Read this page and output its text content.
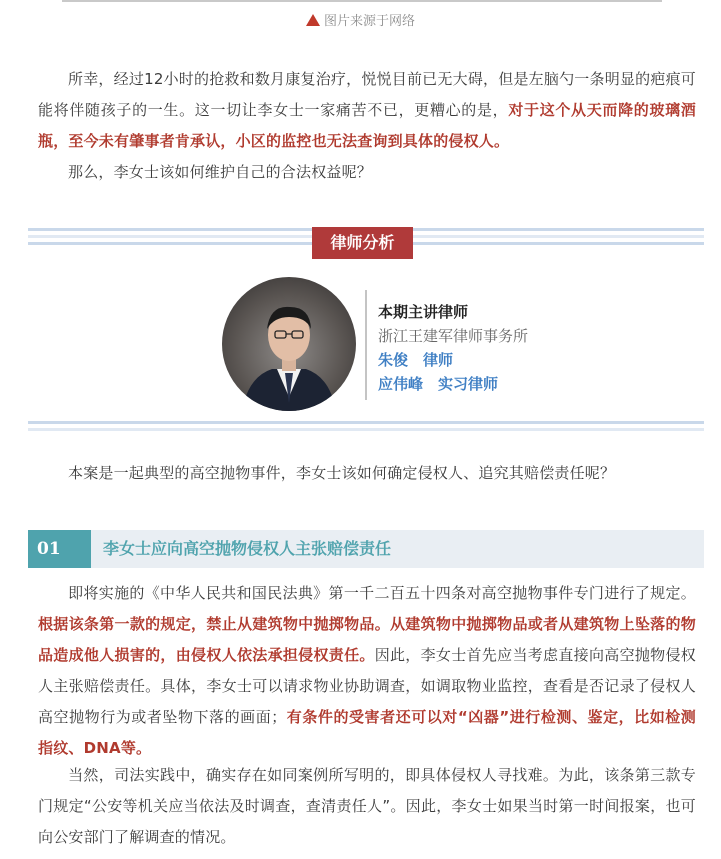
图片来源于网络
所幸，经过12小时的抢救和数月康复治疗，悦悦目前已无大碍，但是左脑勺一条明显的疤痕可能将伴随孩子的一生。这一切让李女士一家痛苦不已，更糟心的是，对于这个从天而降的玻璃酒瓶，至今未有肇事者肯承认，小区的监控也无法查询到具体的侵权人。
那么，李女士该如何维护自己的合法权益呢？
律师分析
本期主讲律师
浙江王建军律师事务所
朱俊　律师
应伟峰　实习律师
本案是一起典型的高空抛物事件，李女士该如何确定侵权人、追究其赔偿责任呢？
01	李女士应向高空抛物侵权人主张赔偿责任
即将实施的《中华人民共和国民法典》第一千二百五十四条对高空抛物事件专门进行了规定。根据该条第一款的规定，禁止从建筑物中抛掷物品。从建筑物中抛掷物品或者从建筑物上坠落的物品造成他人损害的，由侵权人依法承担侵权责任。因此，李女士首先应当考虑直接向高空抛物侵权人主张赔偿责任。具体，李女士可以请求物业协助调查，如调取物业监控，查看是否记录了侵权人高空抛物行为或者坠物下落的画面；有条件的受害者还可以对“凶器”进行检测、鉴定，比如检测指纹、DNA等。
当然，司法实践中，确实存在如同案例所写明的，即具体侵权人寻找难。为此，该条第三款专门规定“公安等机关应当依法及时调查，查清责任人”。因此，李女士如果当时第一时间报案，也可向公安部门了解调查的情况。
